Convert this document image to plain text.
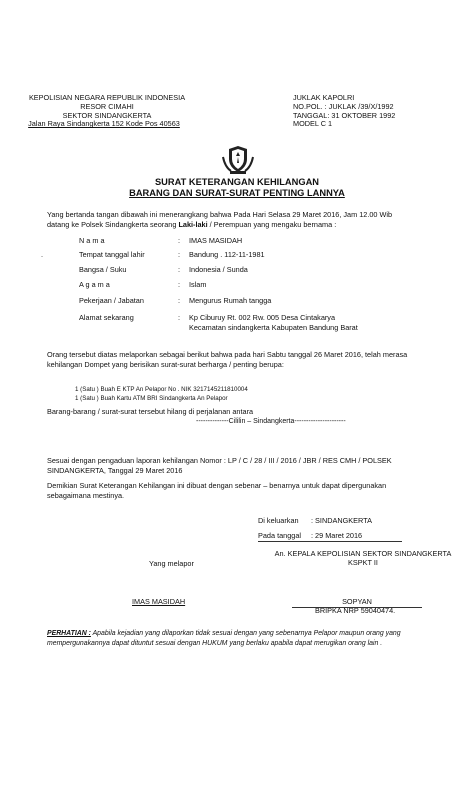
KEPOLISIAN NEGARA REPUBLIK INDONESIA
RESOR CIMAHI
SEKTOR SINDANGKERTA
Jalan Raya Sindangkerta 152 Kode Pos 40563
JUKLAK KAPOLRI
NO.POL. : JUKLAK /39/X/1992
TANGGAL: 31 OKTOBER 1992
MODEL C 1
SURAT KETERANGAN KEHILANGAN
BARANG DAN SURAT-SURAT PENTING LANNYA
Yang bertanda tangan dibawah ini menerangkang bahwa Pada Hari Selasa 29 Maret 2016, Jam 12.00 Wib
datang ke Polsek Sindangkerta seorang Laki-laki / Perempuan yang mengaku bernama :
.
N a m a	: IMAS MASIDAH
Tempat tanggal lahir	: Bandung . 112-11-1981
Bangsa / Suku	: Indonesia / Sunda
A g a m a	: Islam
Pekerjaan / Jabatan	: Mengurus Rumah tangga
Alamat sekarang	: Kp Ciburuy Rt. 002 Rw. 005 Desa Cintakarya
Kecamatan sindangkerta Kabupaten Bandung Barat
Orang tersebut diatas melaporkan sebagai berikut bahwa pada hari Sabtu tanggal 26 Maret 2016, telah merasa
kehilangan Dompet yang berisikan surat-surat berharga / penting berupa:
1 (Satu ) Buah E KTP An Pelapor No . NIK 3217145211810004
1 (Satu ) Buah Kartu ATM BRI Sindangkerta An Pelapor
Barang-barang / surat-surat tersebut hilang di perjalanan antara
--------------Cililin – Sindangkerta----------------------
Sesuai dengan pengaduan laporan kehilangan Nomor : LP / C / 28 / III / 2016 / JBR / RES CMH / POLSEK
SINDANGKERTA, Tanggal 29 Maret 2016
Demikian Surat Keterangan Kehilangan ini dibuat dengan sebenar – benarnya untuk dapat dipergunakan
sebagaimana mestinya.
Di keluarkan : SINDANGKERTA
Pada tanggal : 29 Maret 2016
An. KEPALA KEPOLISIAN SEKTOR SINDANGKERTA
KSPKT II
Yang melapor
IMAS MASIDAH	SOPYAN
BRIPKA NRP 59040474.
PERHATIAN : Apabila kejadian yang dilaporkan tidak sesuai dengan yang sebenarnya Pelapor maupun orang yang
mempergunakannya dapat dituntut sesuai dengan HUKUM yang berlaku apabila dapat merugikan orang lain .
